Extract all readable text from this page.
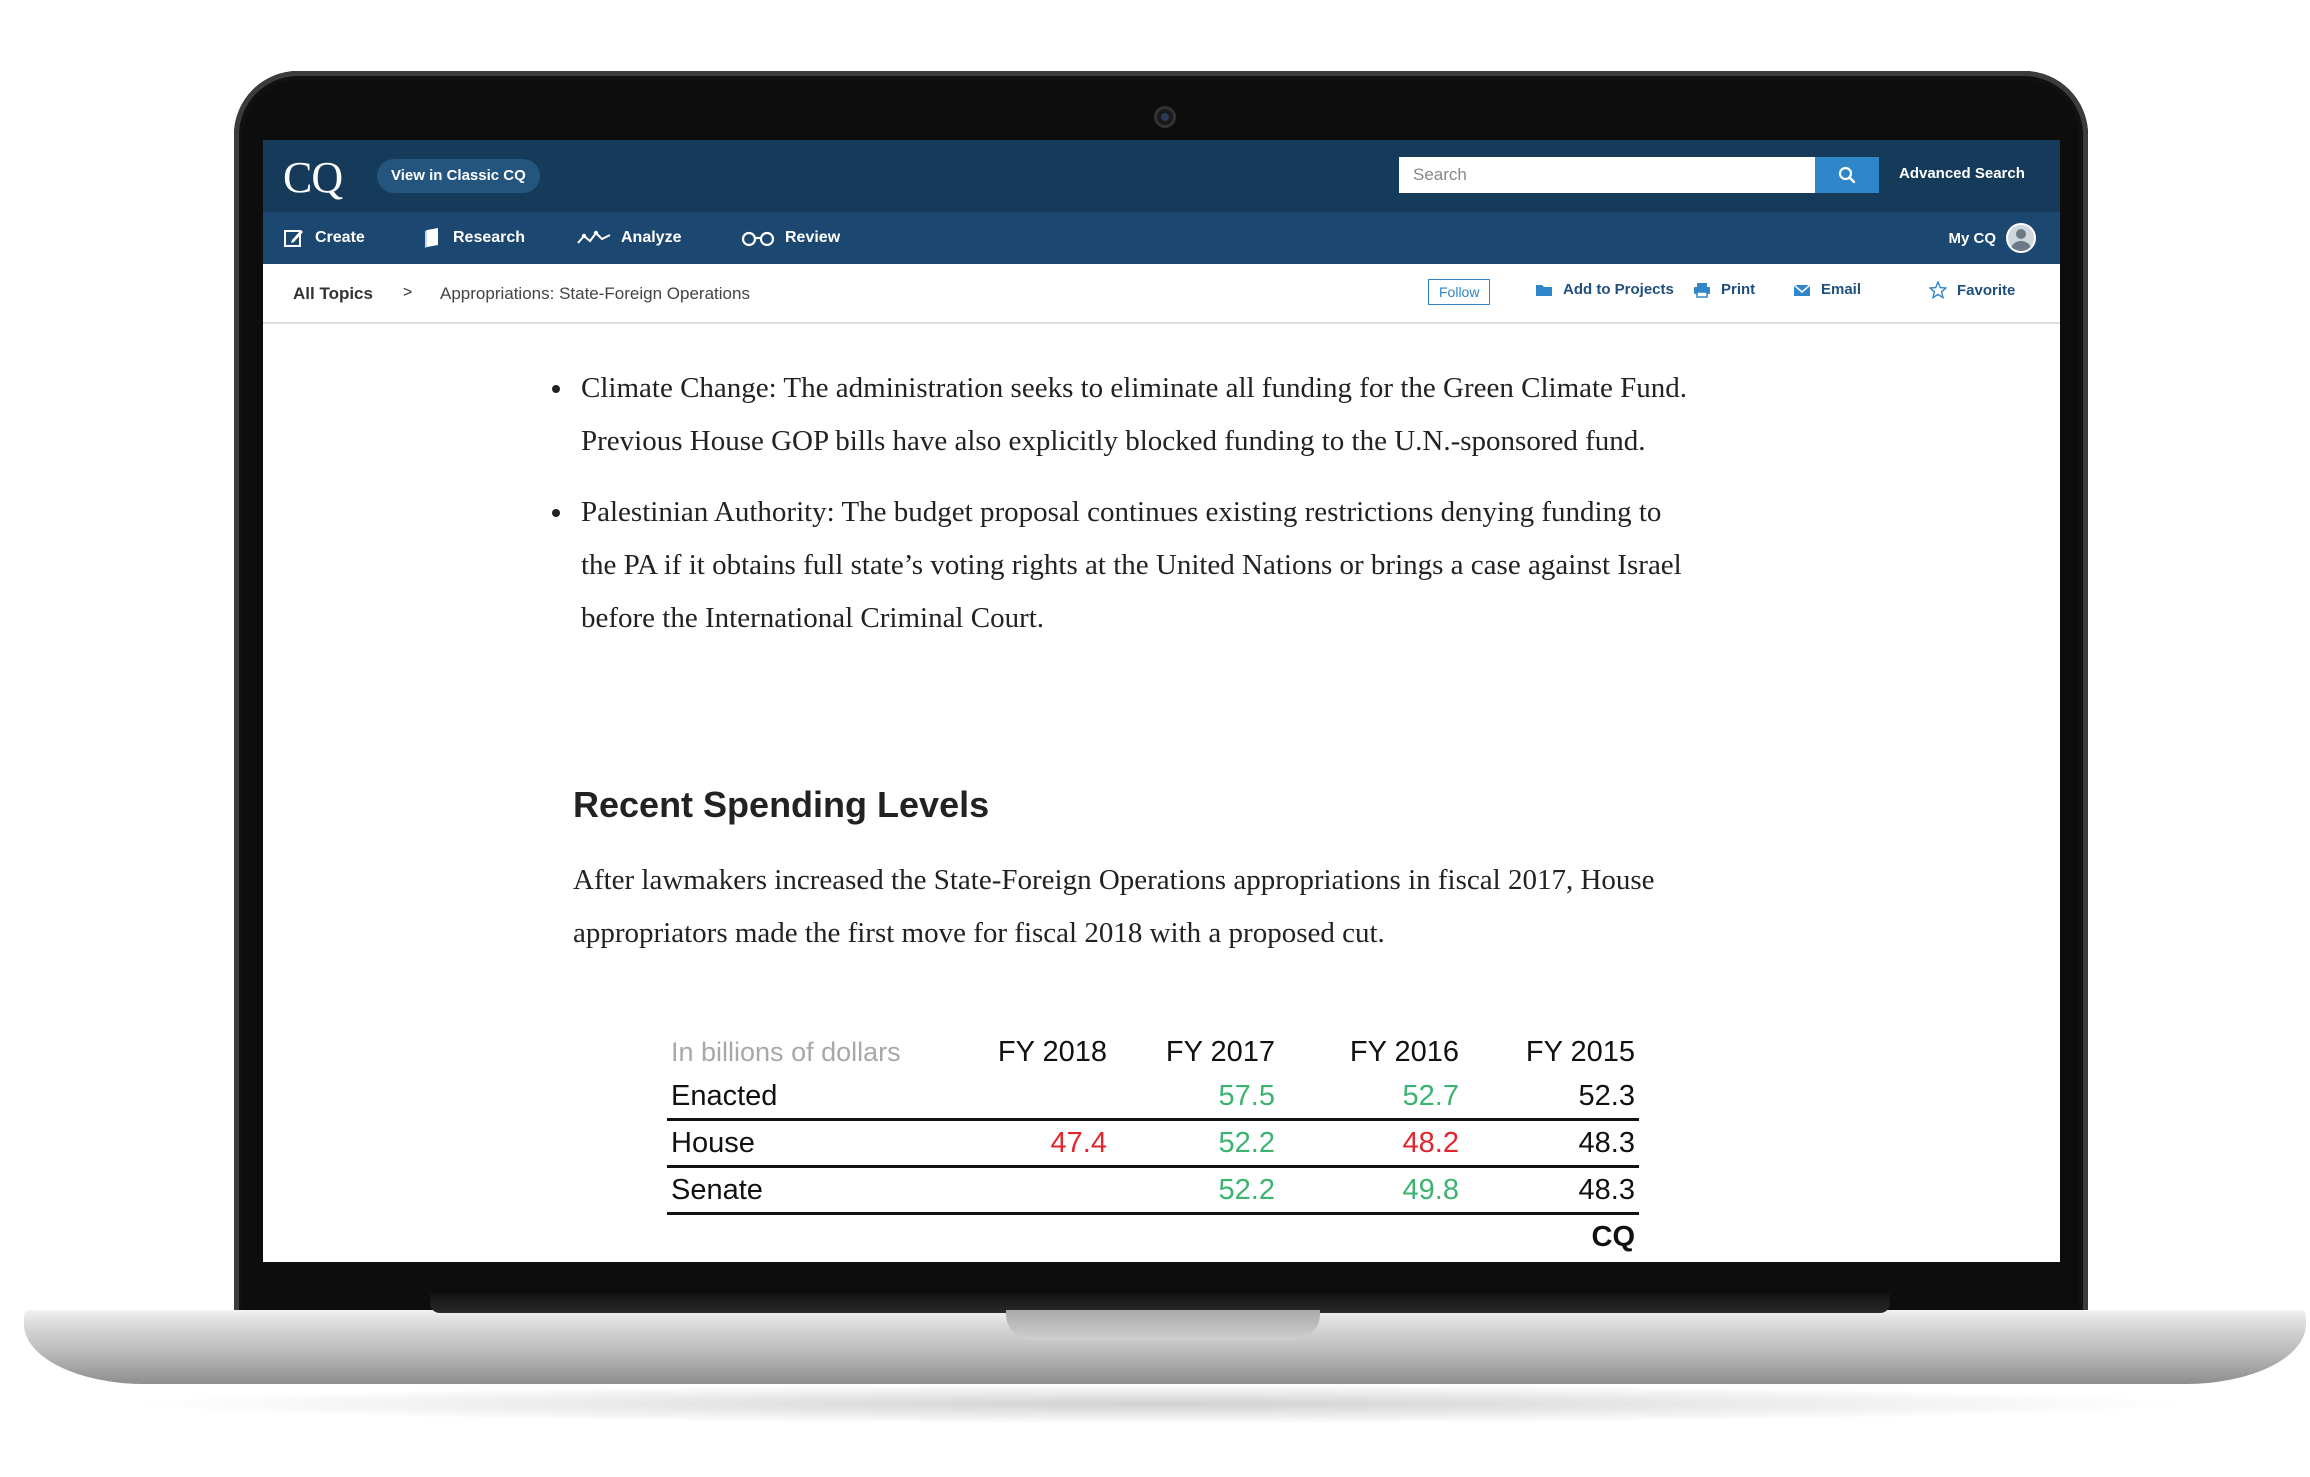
CQ	View in Classic CQ
Search	Advanced Search
Create	Research	Analyze	Review	My CQ
All Topics > Appropriations: State-Foreign Operations	Follow	Add to Projects	Print	Email	Favorite
• Climate Change: The administration seeks to eliminate all funding for the Green Climate Fund. Previous House GOP bills have also explicitly blocked funding to the U.N.-sponsored fund.
• Palestinian Authority: The budget proposal continues existing restrictions denying funding to the PA if it obtains full state’s voting rights at the United Nations or brings a case against Israel before the International Criminal Court.
Recent Spending Levels
After lawmakers increased the State-Foreign Operations appropriations in fiscal 2017, House appropriators made the first move for fiscal 2018 with a proposed cut.
In billions of dollars	FY 2018	FY 2017	FY 2016	FY 2015
Enacted		57.5	52.7	52.3
House	47.4	52.2	48.2	48.3
Senate		52.2	49.8	48.3
				CQ
